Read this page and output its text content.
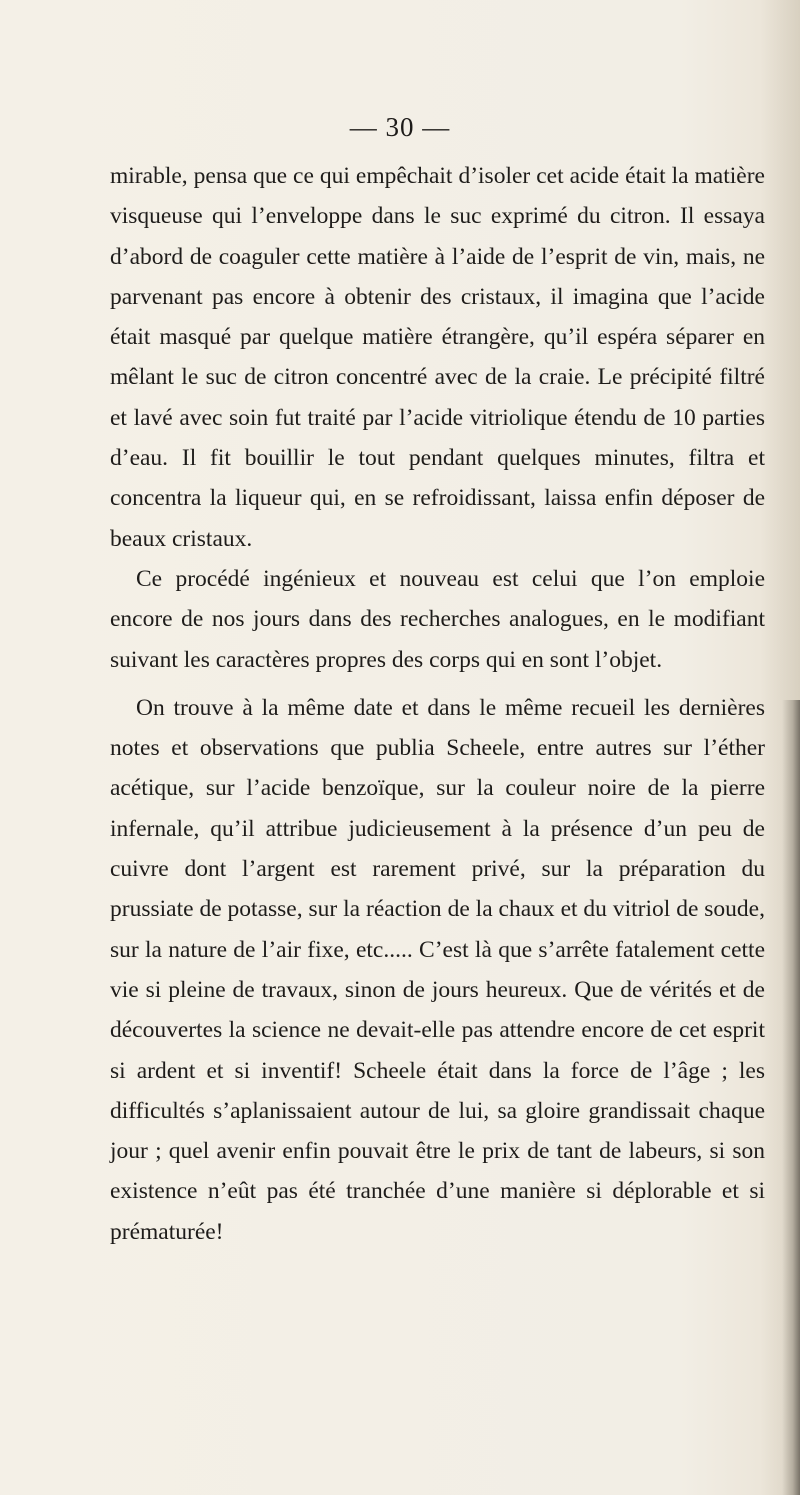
— 30 —

mirable, pensa que ce qui empêchait d’isoler cet acide était la matière visqueuse qui l’enveloppe dans le suc exprimé du citron. Il essaya d’abord de coaguler cette matière à l’aide de l’esprit de vin, mais, ne parvenant pas encore à obtenir des cristaux, il imagina que l’acide était masqué par quelque matière étrangère, qu’il espéra séparer en mêlant le suc de citron concentré avec de la craie. Le précipité filtré et lavé avec soin fut traité par l’acide vitriolique étendu de 10 parties d’eau. Il fit bouillir le tout pendant quelques minutes, filtra et concentra la liqueur qui, en se refroidissant, laissa enfin déposer de beaux cristaux.

Ce procédé ingénieux et nouveau est celui que l’on emploie encore de nos jours dans des recherches analogues, en le modifiant suivant les caractères propres des corps qui en sont l’objet.

On trouve à la même date et dans le même recueil les dernières notes et observations que publia Scheele, entre autres sur l’éther acétique, sur l’acide benzoïque, sur la couleur noire de la pierre infernale, qu’il attribue judicieusement à la présence d’un peu de cuivre dont l’argent est rarement privé, sur la préparation du prussiate de potasse, sur la réaction de la chaux et du vitriol de soude, sur la nature de l’air fixe, etc..... C’est là que s’arrête fatalement cette vie si pleine de travaux, sinon de jours heureux. Que de vérités et de découvertes la science ne devait-elle pas attendre encore de cet esprit si ardent et si inventif! Scheele était dans la force de l’âge ; les difficultés s’aplanissaient autour de lui, sa gloire grandissait chaque jour ; quel avenir enfin pouvait être le prix de tant de labeurs, si son existence n’eût pas été tranchée d’une manière si déplorable et si prématurée!
